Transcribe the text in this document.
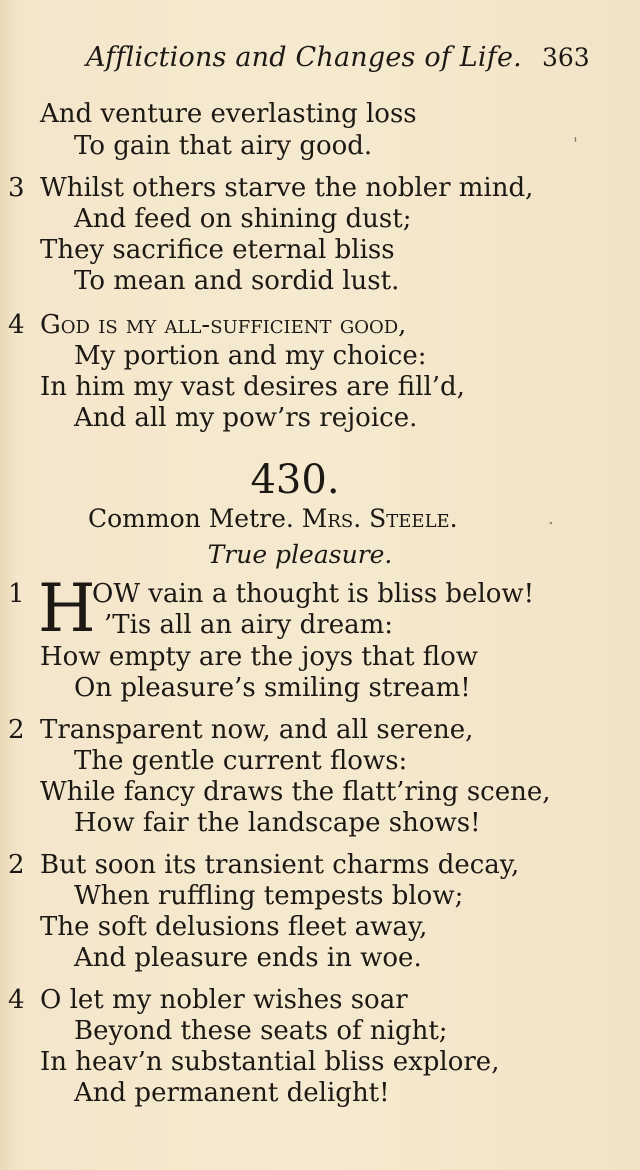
Afflictions and Changes of Life. 363
And venture everlasting loss
To gain that airy good.
3 Whilst others starve the nobler mind,
And feed on shining dust;
They sacrifice eternal bliss
To mean and sordid lust.
4 God is my all-sufficient good,
My portion and my choice:
In him my vast desires are fill’d,
And all my pow’rs rejoice.
430.
Common Metre. Mrs. Steele.
True pleasure.
1 H
OW vain a thought is bliss below!
’Tis all an airy dream:
How empty are the joys that flow
On pleasure’s smiling stream!
2 Transparent now, and all serene,
The gentle current flows:
While fancy draws the flatt’ring scene,
How fair the landscape shows!
2 But soon its transient charms decay,
When ruffling tempests blow;
The soft delusions fleet away,
And pleasure ends in woe.
4 O let my nobler wishes soar
Beyond these seats of night;
In heav’n substantial bliss explore,
And permanent delight!
'
.
